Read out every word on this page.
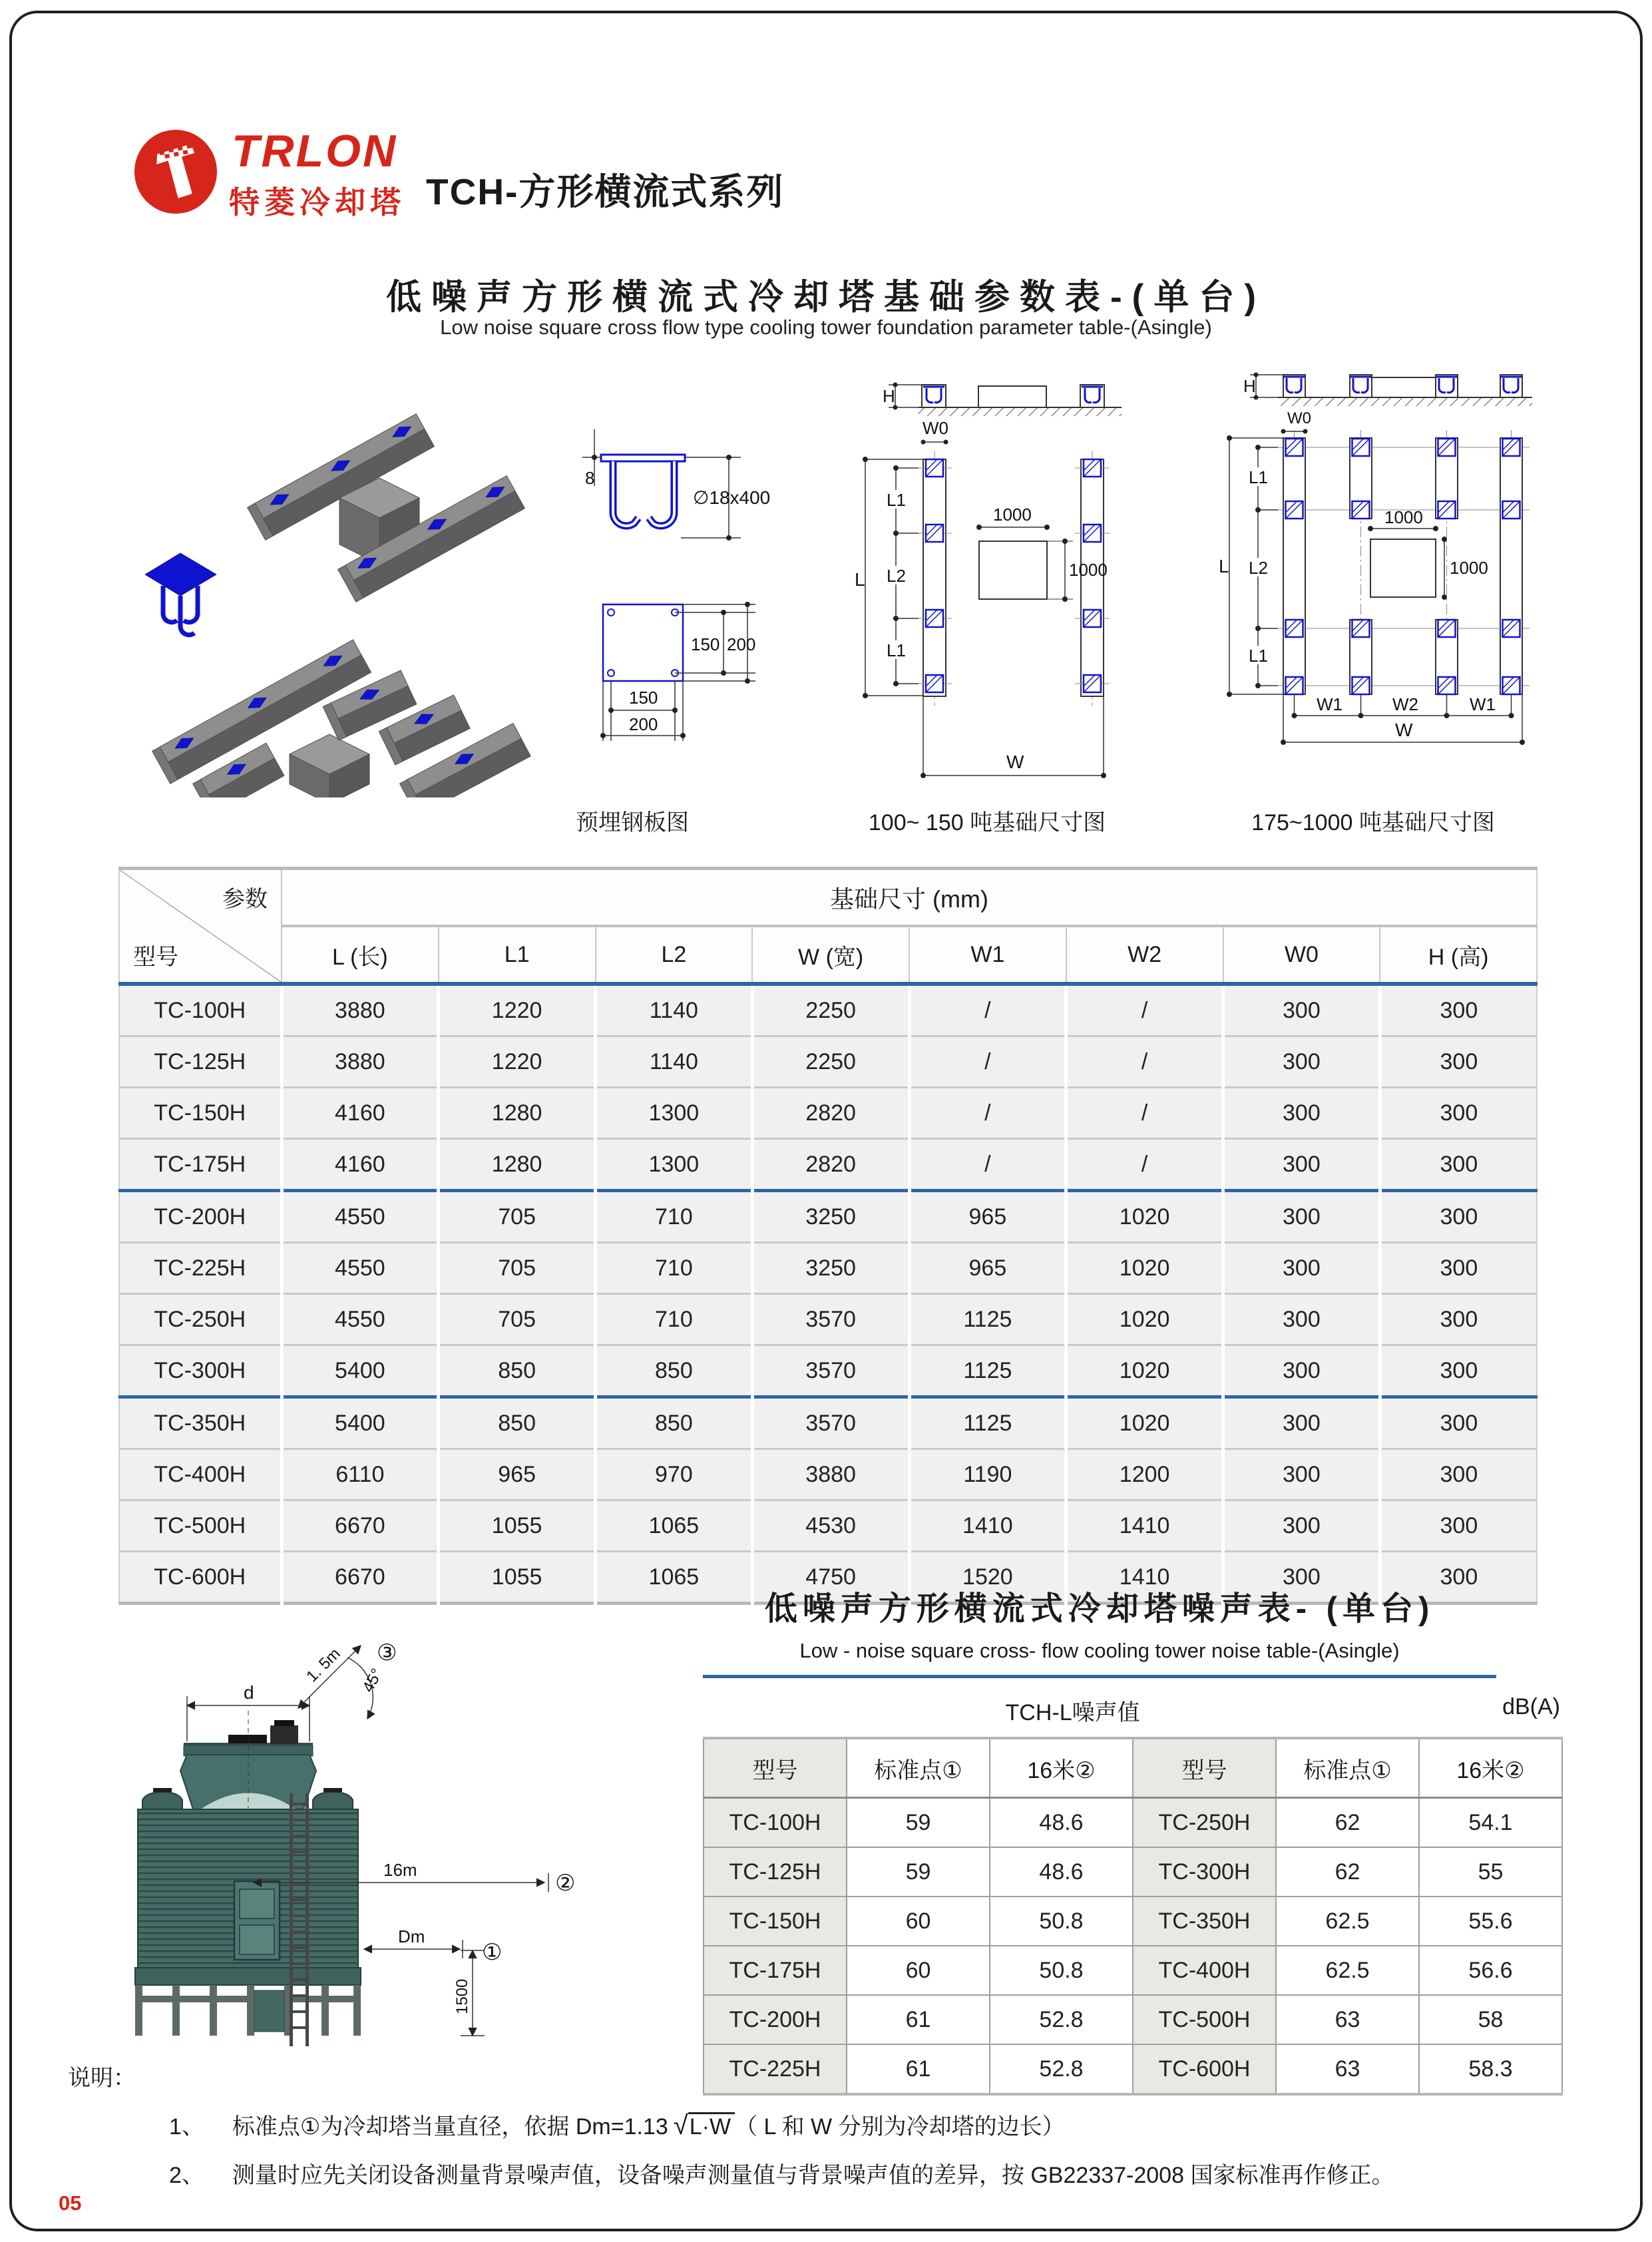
TRLON
特菱冷却塔 TCH-方形横流式系列
低噪声方形横流式冷却塔基础参数表-(单台)
Low noise square cross flow type cooling tower foundation parameter table-(Asingle)
8
∅18x400
150 200
150
200
H
W0
L1
L2
L1
L
1000
1000
W
H
W0
L1
L2
L1
L
1000
1000
W1	W2	W1
W
预埋钢板图	100~ 150 吨基础尺寸图	175~1000 吨基础尺寸图
参数
型号	基础尺寸 (mm)							
	L (长)	L1	L2	W (宽)	W1	W2	W0	H (高)
TC-100H	3880	1220	1140	2250	/	/	300	300
TC-125H	3880	1220	1140	2250	/	/	300	300
TC-150H	4160	1280	1300	2820	/	/	300	300
TC-175H	4160	1280	1300	2820	/	/	300	300
TC-200H	4550	705	710	3250	965	1020	300	300
TC-225H	4550	705	710	3250	965	1020	300	300
TC-250H	4550	705	710	3570	1125	1020	300	300
TC-300H	5400	850	850	3570	1125	1020	300	300
TC-350H	5400	850	850	3570	1125	1020	300	300
TC-400H	6110	965	970	3880	1190	1200	300	300
TC-500H	6670	1055	1065	4530	1410	1410	300	300
TC-600H	6670	1055	1065	4750	1520	1410	300	300
d
1. 5m ③
45°
16m
②
Dm
①
1500
低噪声方形横流式冷却塔噪声表- (单台)
Low - noise square cross- flow cooling tower noise table-(Asingle)
TCH-L噪声值	dB(A)
型号	标准点①	16米②	型号	标准点①	16米②
TC-100H	59	48.6	TC-250H	62	54.1
TC-125H	59	48.6	TC-300H	62	55
TC-150H	60	50.8	TC-350H	62.5	55.6
TC-175H	60	50.8	TC-400H	62.5	56.6
TC-200H	61	52.8	TC-500H	63	58
TC-225H	61	52.8	TC-600H	63	58.3
说明：
1、 标准点①为冷却塔当量直径，依据 Dm=1.13 √ L·W （ L 和 W 分别为冷却塔的边长）
2、 测量时应先关闭设备测量背景噪声值，设备噪声测量值与背景噪声值的差异，按 GB22337-2008 国家标准再作修正。
05
